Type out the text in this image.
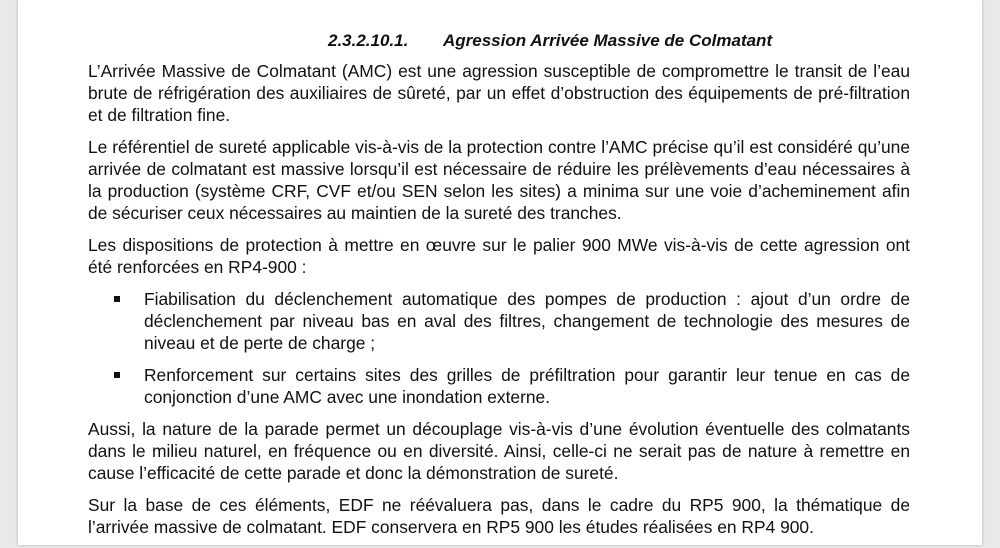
2.3.2.10.1. Agression Arrivée Massive de Colmatant

L’Arrivée Massive de Colmatant (AMC) est une agression susceptible de compromettre le transit de l’eau brute de réfrigération des auxiliaires de sûreté, par un effet d’obstruction des équipements de pré-filtration et de filtration fine.

Le référentiel de sureté applicable vis-à-vis de la protection contre l’AMC précise qu’il est considéré qu’une arrivée de colmatant est massive lorsqu’il est nécessaire de réduire les prélèvements d’eau nécessaires à la production (système CRF, CVF et/ou SEN selon les sites) a minima sur une voie d’acheminement afin de sécuriser ceux nécessaires au maintien de la sureté des tranches.

Les dispositions de protection à mettre en œuvre sur le palier 900 MWe vis-à-vis de cette agression ont été renforcées en RP4-900 :

Fiabilisation du déclenchement automatique des pompes de production : ajout d’un ordre de déclenchement par niveau bas en aval des filtres, changement de technologie des mesures de niveau et de perte de charge ;
Renforcement sur certains sites des grilles de préfiltration pour garantir leur tenue en cas de conjonction d’une AMC avec une inondation externe.

Aussi, la nature de la parade permet un découplage vis-à-vis d’une évolution éventuelle des colmatants dans le milieu naturel, en fréquence ou en diversité. Ainsi, celle-ci ne serait pas de nature à remettre en cause l’efficacité de cette parade et donc la démonstration de sureté.

Sur la base de ces éléments, EDF ne réévaluera pas, dans le cadre du RP5 900, la thématique de l’arrivée massive de colmatant. EDF conservera en RP5 900 les études réalisées en RP4 900.
